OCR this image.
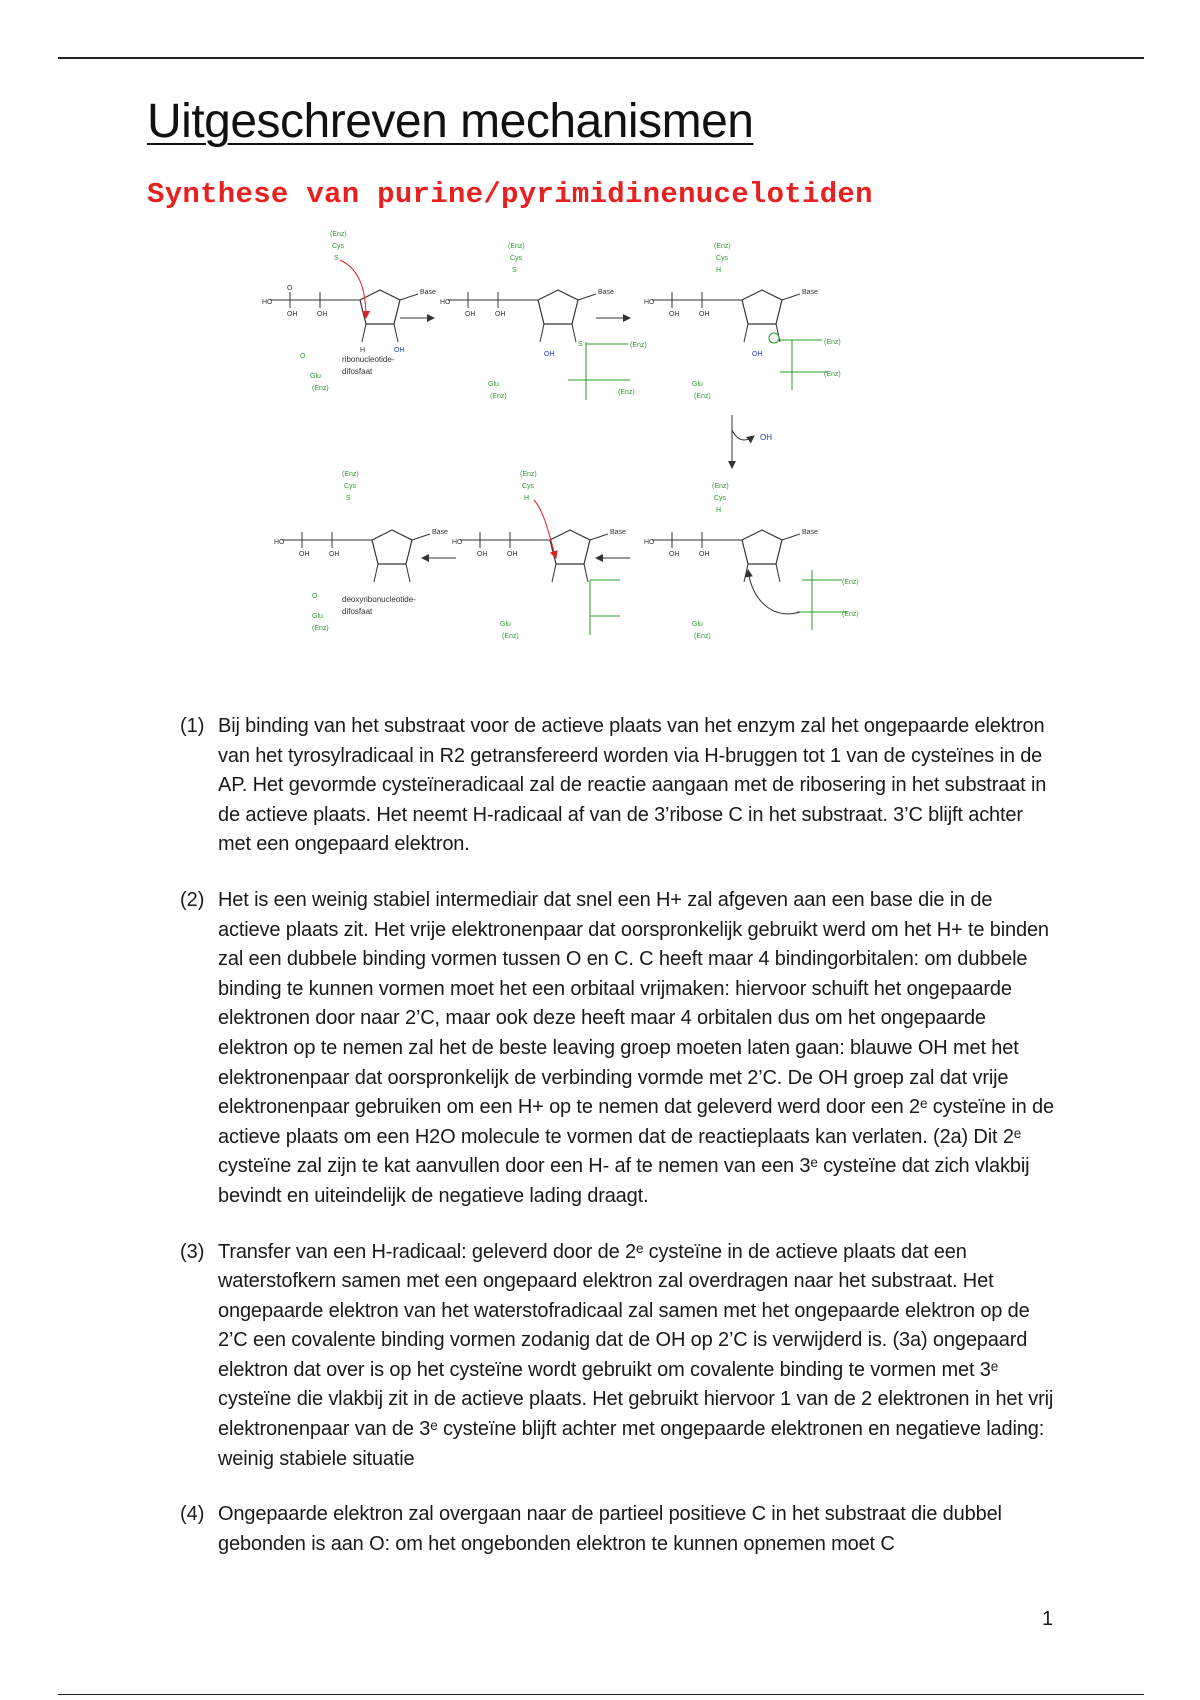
Uitgeschreven mechanismen
Synthese van purine/pyrimidinenucelotiden
HO
O
OH	OH
Base
OH
H
(Enz)
Cys
S
O
Glu
(Enz)
ribonucleotide-
difosfaat
HO
OH	OH
Base
(Enz)
Cys
S
OH
S	(Enz)
(Enz)
Glu
(Enz)
HO
OH	OH
Base
(Enz)
Cys
H
OH
(Enz)
(Enz)
Glu
(Enz)
OH
HO
OH	OH
Base
(Enz)
Cys
H
(Enz)
(Enz)
Glu
(Enz)
HO
OH	OH
Base
(Enz)
Cys
H
Glu
(Enz)
HO
OH	OH
Base
(Enz)
Cys
S
O
Glu
(Enz)
deoxyribonucleotide-
difosfaat
(1) Bij binding van het substraat voor de actieve plaats van het enzym zal het ongepaarde elektron van het tyrosylradicaal in R2 getransfereerd worden via H-bruggen tot 1 van de cysteïnes in de AP. Het gevormde cysteïneradicaal zal de reactie aangaan met de ribosering in het substraat in de actieve plaats. Het neemt H-radicaal af van de 3’ribose C in het substraat. 3’C blijft achter met een ongepaard elektron.

(2) Het is een weinig stabiel intermediair dat snel een H+ zal afgeven aan een base die in de actieve plaats zit. Het vrije elektronenpaar dat oorspronkelijk gebruikt werd om het H+ te binden zal een dubbele binding vormen tussen O en C. C heeft maar 4 bindingorbitalen: om dubbele binding te kunnen vormen moet het een orbitaal vrijmaken: hiervoor schuift het ongepaarde elektronen door naar 2’C, maar ook deze heeft maar 4 orbitalen dus om het ongepaarde elektron op te nemen zal het de beste leaving groep moeten laten gaan: blauwe OH met het elektronenpaar dat oorspronkelijk de verbinding vormde met 2’C. De OH groep zal dat vrije elektronenpaar gebruiken om een H+ op te nemen dat geleverd werd door een 2ᵉ cysteïne in de actieve plaats om een H2O molecule te vormen dat de reactieplaats kan verlaten. (2a) Dit 2ᵉ cysteïne zal zijn te kat aanvullen door een H- af te nemen van een 3ᵉ cysteïne dat zich vlakbij bevindt en uiteindelijk de negatieve lading draagt.

(3) Transfer van een H-radicaal: geleverd door de 2ᵉ cysteïne in de actieve plaats dat een waterstofkern samen met een ongepaard elektron zal overdragen naar het substraat. Het ongepaarde elektron van het waterstofradicaal zal samen met het ongepaarde elektron op de 2’C een covalente binding vormen zodanig dat de OH op 2’C is verwijderd is. (3a) ongepaard elektron dat over is op het cysteïne wordt gebruikt om covalente binding te vormen met 3ᵉ cysteïne die vlakbij zit in de actieve plaats. Het gebruikt hiervoor 1 van de 2 elektronen in het vrij elektronenpaar van de 3ᵉ cysteïne blijft achter met ongepaarde elektronen en negatieve lading: weinig stabiele situatie

(4) Ongepaarde elektron zal overgaan naar de partieel positieve C in het substraat die dubbel gebonden is aan O: om het ongebonden elektron te kunnen opnemen moet C

1
